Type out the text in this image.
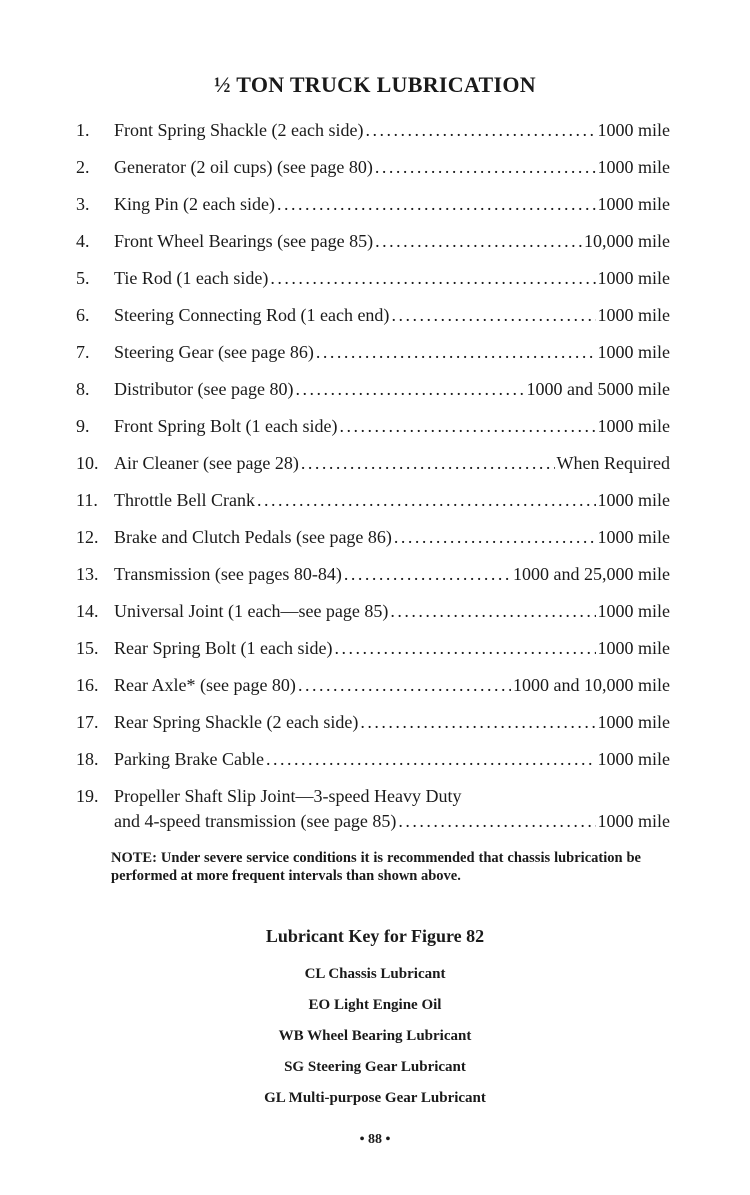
½ TON TRUCK LUBRICATION
1.	Front Spring Shackle (2 each side) . . .	1000 mile
2.	Generator (2 oil cups) (see page 80) . . .	1000 mile
3.	King Pin (2 each side) . . .	1000 mile
4.	Front Wheel Bearings (see page 85) . . .	10,000 mile
5.	Tie Rod (1 each side) . . .	1000 mile
6.	Steering Connecting Rod (1 each end) . . .	1000 mile
7.	Steering Gear (see page 86) . . .	1000 mile
8.	Distributor (see page 80) . . .	1000 and 5000 mile
9.	Front Spring Bolt (1 each side) . . .	1000 mile
10. Air Cleaner (see page 28) . . .	When Required
11. Throttle Bell Crank . . .	1000 mile
12. Brake and Clutch Pedals (see page 86) . . .	1000 mile
13. Transmission (see pages 80-84) . . .	1000 and 25,000 mile
14. Universal Joint (1 each—see page 85) . . .	1000 mile
15. Rear Spring Bolt (1 each side) . . .	1000 mile
16. Rear Axle* (see page 80) . . .	1000 and 10,000 mile
17. Rear Spring Shackle (2 each side) . . .	1000 mile
18. Parking Brake Cable . . .	1000 mile
19. Propeller Shaft Slip Joint—3-speed Heavy Duty
and 4-speed transmission (see page 85) . . .	1000 mile
NOTE: Under severe service conditions it is recommended that chassis lubrication be performed at more frequent intervals than shown above.
Lubricant Key for Figure 82
CL Chassis Lubricant
EO Light Engine Oil
WB Wheel Bearing Lubricant
SG Steering Gear Lubricant
GL Multi-purpose Gear Lubricant
• 88 •
